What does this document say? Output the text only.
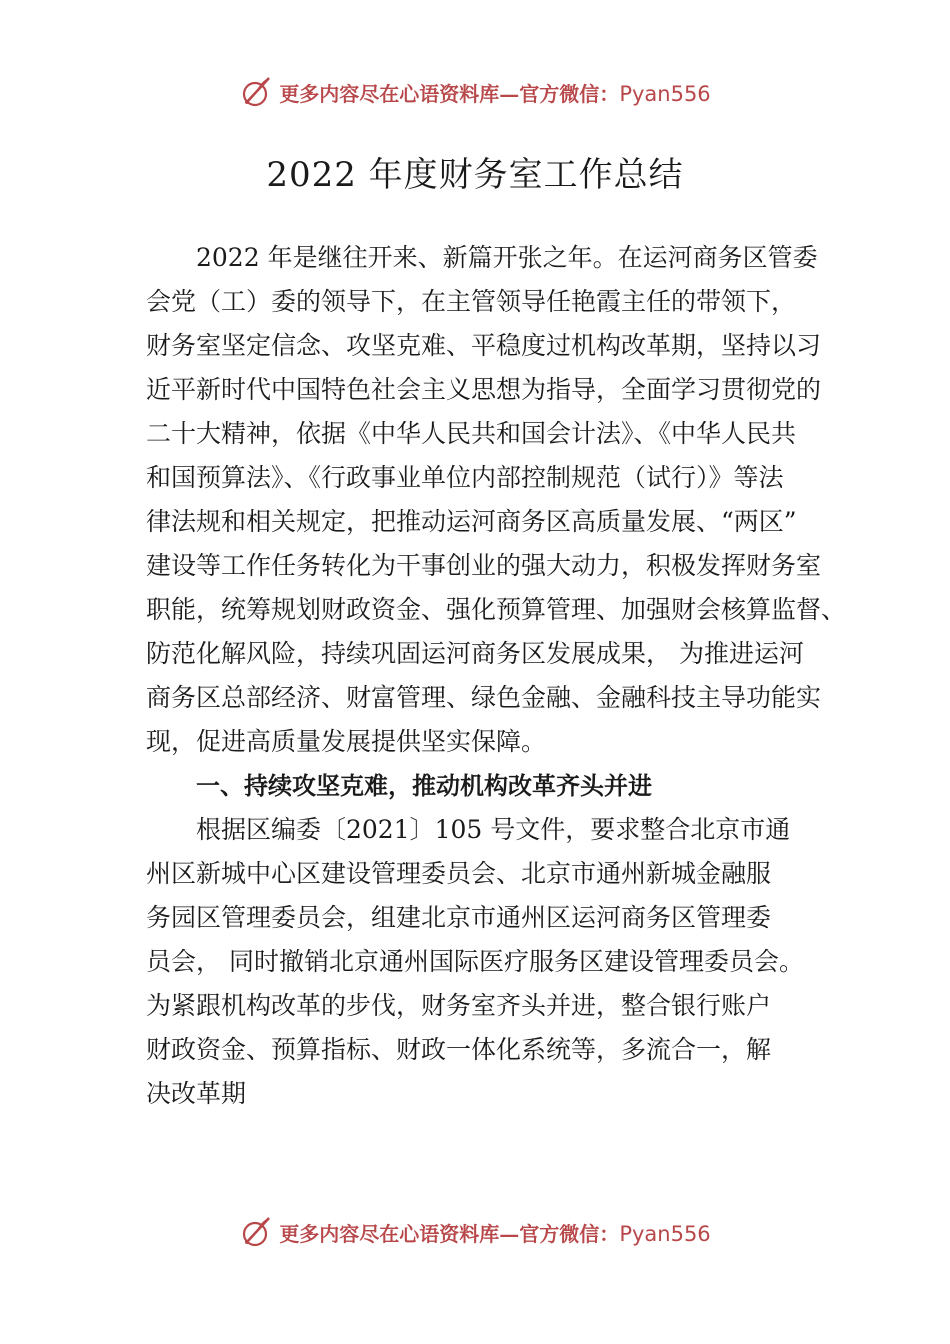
更多内容尽在心语资料库—官方微信：Pyan556
2022 年度财务室工作总结
2022 年是继往开来、新篇开张之年。在运河商务区管委
会党（工）委的领导下，在主管领导任艳霞主任的带领下，
财务室坚定信念、攻坚克难、平稳度过机构改革期，坚持以习
近平新时代中国特色社会主义思想为指导，全面学习贯彻党的
二十大精神，依据《中华人民共和国会计法》、《中华人民共
和国预算法》、《行政事业单位内部控制规范（试行）》等法
律法规和相关规定，把推动运河商务区高质量发展、“两区”
建设等工作任务转化为干事创业的强大动力，积极发挥财务室
职能，统筹规划财政资金、强化预算管理、加强财会核算监督、
防范化解风险，持续巩固运河商务区发展成果， 为推进运河
商务区总部经济、财富管理、绿色金融、金融科技主导功能实
现，促进高质量发展提供坚实保障。
一、持续攻坚克难，推动机构改革齐头并进
根据区编委〔2021〕105 号文件，要求整合北京市通
州区新城中心区建设管理委员会、北京市通州新城金融服
务园区管理委员会，组建北京市通州区运河商务区管理委
员会， 同时撤销北京通州国际医疗服务区建设管理委员会。
为紧跟机构改革的步伐，财务室齐头并进，整合银行账户
财政资金、预算指标、财政一体化系统等，多流合一，解
决改革期
更多内容尽在心语资料库—官方微信：Pyan556
